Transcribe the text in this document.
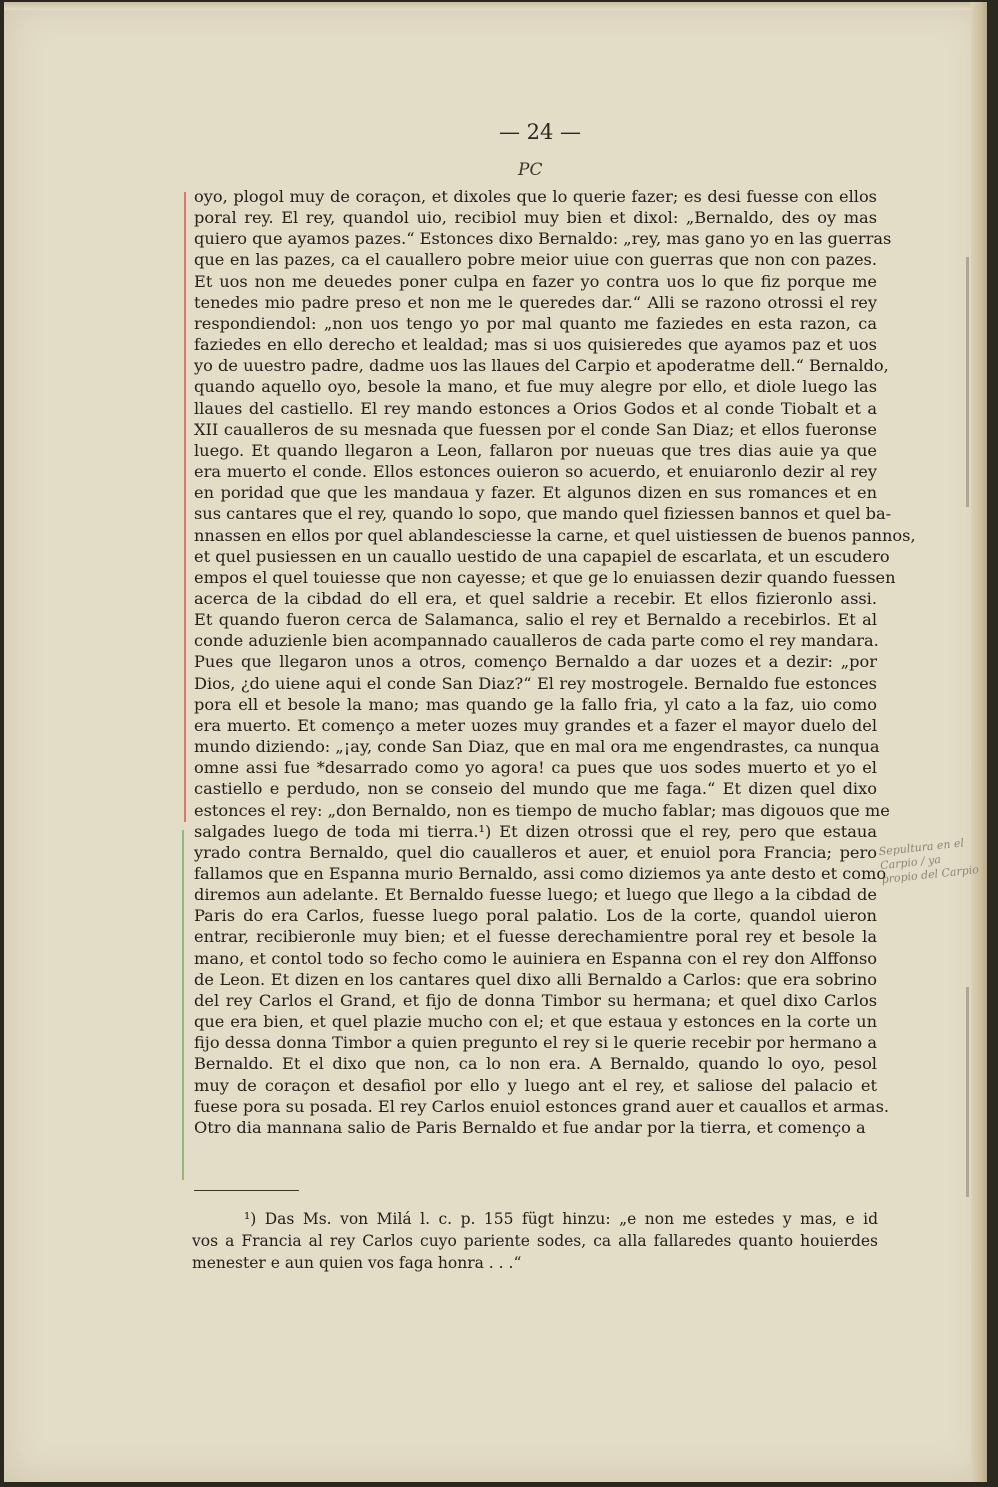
— 24 —
PC
Sepultura en el Carpio / ya propio del Carpio
oyo, plogol muy de coraçon, et dixoles que lo querie fazer; es desi fuesse con ellos
poral rey. El rey, quandol uio, recibiol muy bien et dixol: „Bernaldo, des oy mas
quiero que ayamos pazes.“ Estonces dixo Bernaldo: „rey, mas gano yo en las guerras
que en las pazes, ca el cauallero pobre meior uiue con guerras que non con pazes.
Et uos non me deuedes poner culpa en fazer yo contra uos lo que fiz porque me
tenedes mio padre preso et non me le queredes dar.“ Alli se razono otrossi el rey
respondiendol: „non uos tengo yo por mal quanto me faziedes en esta razon, ca
faziedes en ello derecho et lealdad; mas si uos quisieredes que ayamos paz et uos
yo de uuestro padre, dadme uos las llaues del Carpio et apoderatme dell.“ Bernaldo,
quando aquello oyo, besole la mano, et fue muy alegre por ello, et diole luego las
llaues del castiello. El rey mando estonces a Orios Godos et al conde Tiobalt et a
XII caualleros de su mesnada que fuessen por el conde San Diaz; et ellos fueronse
luego. Et quando llegaron a Leon, fallaron por nueuas que tres dias auie ya que
era muerto el conde. Ellos estonces ouieron so acuerdo, et enuiaronlo dezir al rey
en poridad que que les mandaua y fazer. Et algunos dizen en sus romances et en
sus cantares que el rey, quando lo sopo, que mando quel fiziessen bannos et quel ba-
nnassen en ellos por quel ablandesciesse la carne, et quel uistiessen de buenos pannos,
et quel pusiessen en un cauallo uestido de una capapiel de escarlata, et un escudero
empos el quel touiesse que non cayesse; et que ge lo enuiassen dezir quando fuessen
acerca de la cibdad do ell era, et quel saldrie a recebir. Et ellos fizieronlo assi.
Et quando fueron cerca de Salamanca, salio el rey et Bernaldo a recebirlos. Et al
conde aduzienle bien acompannado caualleros de cada parte como el rey mandara.
Pues que llegaron unos a otros, començo Bernaldo a dar uozes et a dezir: „por
Dios, ¿do uiene aqui el conde San Diaz?“ El rey mostrogele. Bernaldo fue estonces
pora ell et besole la mano; mas quando ge la fallo fria, yl cato a la faz, uio como
era muerto. Et començo a meter uozes muy grandes et a fazer el mayor duelo del
mundo diziendo: „¡ay, conde San Diaz, que en mal ora me engendrastes, ca nunqua
omne assi fue *desarrado como yo agora! ca pues que uos sodes muerto et yo el
castiello e perdudo, non se conseio del mundo que me faga.“ Et dizen quel dixo
estonces el rey: „don Bernaldo, non es tiempo de mucho fablar; mas digouos que me
salgades luego de toda mi tierra.¹) Et dizen otrossi que el rey, pero que estaua
yrado contra Bernaldo, quel dio caualleros et auer, et enuiol pora Francia; pero
fallamos que en Espanna murio Bernaldo, assi como diziemos ya ante desto et como
diremos aun adelante. Et Bernaldo fuesse luego; et luego que llego a la cibdad de
Paris do era Carlos, fuesse luego poral palatio. Los de la corte, quandol uieron
entrar, recibieronle muy bien; et el fuesse derechamientre poral rey et besole la
mano, et contol todo so fecho como le auiniera en Espanna con el rey don Alffonso
de Leon. Et dizen en los cantares quel dixo alli Bernaldo a Carlos: que era sobrino
del rey Carlos el Grand, et fijo de donna Timbor su hermana; et quel dixo Carlos
que era bien, et quel plazie mucho con el; et que estaua y estonces en la corte un
fijo dessa donna Timbor a quien pregunto el rey si le querie recebir por hermano a
Bernaldo. Et el dixo que non, ca lo non era. A Bernaldo, quando lo oyo, pesol
muy de coraçon et desafiol por ello y luego ant el rey, et saliose del palacio et
fuese pora su posada. El rey Carlos enuiol estonces grand auer et cauallos et armas.
Otro dia mannana salio de Paris Bernaldo et fue andar por la tierra, et començo a
¹) Das Ms. von Milá l. c. p. 155 fügt hinzu: „e non me estedes y mas, e id
vos a Francia al rey Carlos cuyo pariente sodes, ca alla fallaredes quanto houierdes
menester e aun quien vos faga honra . . .“
